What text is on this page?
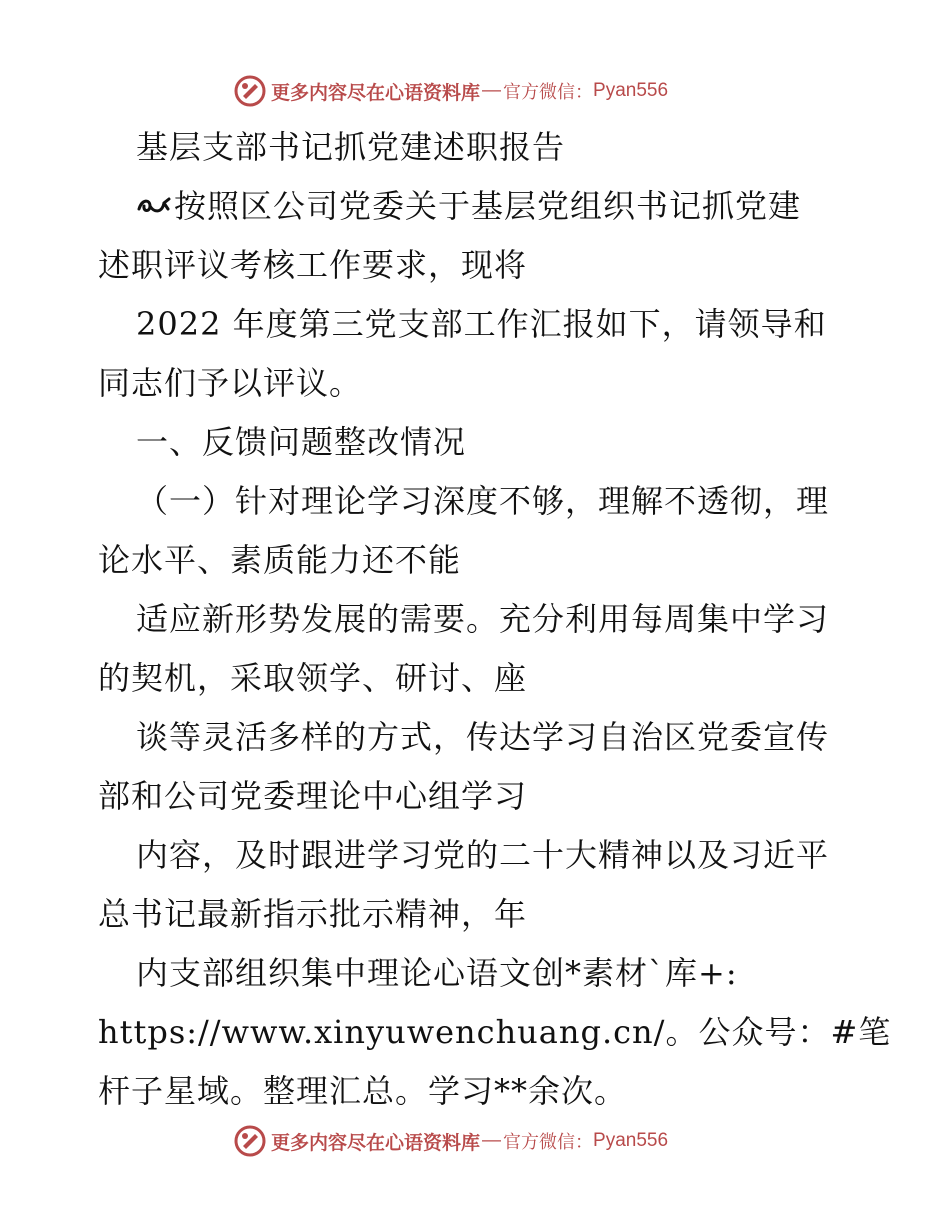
更多内容尽在心语资料库 — 官方微信： Pyan556
基层支部书记抓党建述职报告
按照区公司党委关于基层党组织书记抓党建
述职评议考核工作要求，现将
2022 年度第三党支部工作汇报如下，请领导和
同志们予以评议。
一、反馈问题整改情况
（一）针对理论学习深度不够，理解不透彻，理
论水平、素质能力还不能
适应新形势发展的需要。充分利用每周集中学习
的契机，采取领学、研讨、座
谈等灵活多样的方式，传达学习自治区党委宣传
部和公司党委理论中心组学习
内容，及时跟进学习党的二十大精神以及习近平
总书记最新指示批示精神，年
内支部组织集中理论心语文创*素材`库+:
https://www.xinyuwenchuang.cn/。公众号：#笔
杆子星域。整理汇总。学习**余次。
更多内容尽在心语资料库 — 官方微信： Pyan556
